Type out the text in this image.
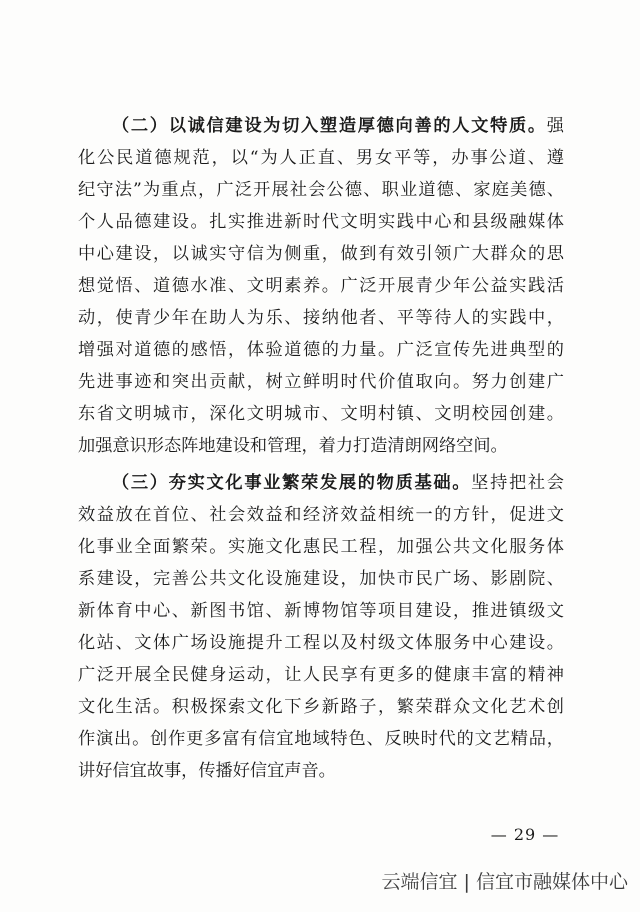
（二）以诚信建设为切入塑造厚德向善的人文特质。强
化公民道德规范，以“为人正直、男女平等，办事公道、遵
纪守法”为重点，广泛开展社会公德、职业道德、家庭美德、
个人品德建设。扎实推进新时代文明实践中心和县级融媒体
中心建设，以诚实守信为侧重，做到有效引领广大群众的思
想觉悟、道德水准、文明素养。广泛开展青少年公益实践活
动，使青少年在助人为乐、接纳他者、平等待人的实践中，
增强对道德的感悟，体验道德的力量。广泛宣传先进典型的
先进事迹和突出贡献，树立鲜明时代价值取向。努力创建广
东省文明城市，深化文明城市、文明村镇、文明校园创建。
加强意识形态阵地建设和管理，着力打造清朗网络空间。
（三）夯实文化事业繁荣发展的物质基础。坚持把社会
效益放在首位、社会效益和经济效益相统一的方针，促进文
化事业全面繁荣。实施文化惠民工程，加强公共文化服务体
系建设，完善公共文化设施建设，加快市民广场、影剧院、
新体育中心、新图书馆、新博物馆等项目建设，推进镇级文
化站、文体广场设施提升工程以及村级文体服务中心建设。
广泛开展全民健身运动，让人民享有更多的健康丰富的精神
文化生活。积极探索文化下乡新路子，繁荣群众文化艺术创
作演出。创作更多富有信宜地域特色、反映时代的文艺精品，
讲好信宜故事，传播好信宜声音。
— 29 —
云端信宜 | 信宜市融媒体中心
